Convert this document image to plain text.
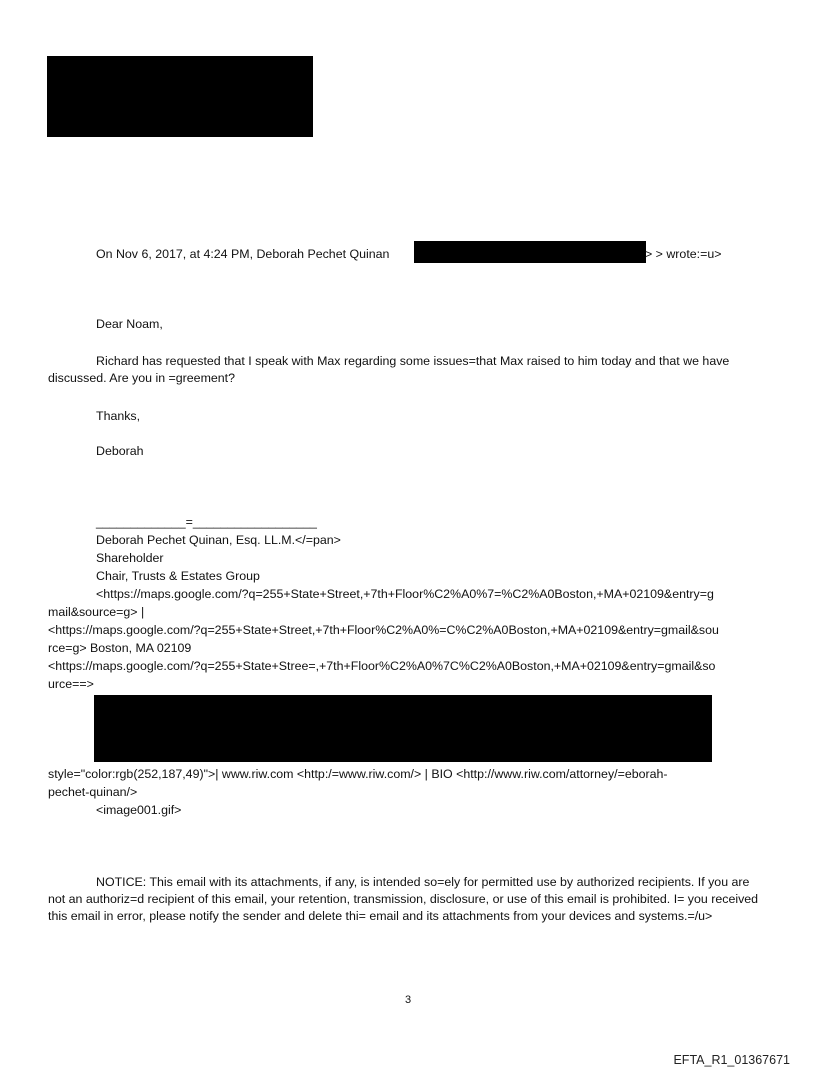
On Nov 6, 2017, at 4:24 PM, Deborah Pechet Quinan	> > wrote:=u>
Dear Noam,

Richard has requested that I speak with Max regarding some issues=that Max raised to him today and that we have discussed. Are you in =greement?

Thanks,
Deborah
_____________=__________________
Deborah Pechet Quinan, Esq. LL.M.</=pan>
Shareholder
Chair, Trusts & Estates Group
<https://maps.google.com/?q=255+State+Street,+7th+Floor%C2%A0%7=%C2%A0Boston,+MA+02109&entry=g
mail&source=g> |
<https://maps.google.com/?q=255+State+Street,+7th+Floor%C2%A0%=C%C2%A0Boston,+MA+02109&entry=gmail&sou
rce=g> Boston, MA 02109
<https://maps.google.com/?q=255+State+Stree=,+7th+Floor%C2%A0%7C%C2%A0Boston,+MA+02109&entry=gmail&so
urce==>
style="color:rgb(252,187,49)">| www.riw.com <http:/=www.riw.com/> | BIO <http://www.riw.com/attorney/=eborah-
pechet-quinan/>
<image001.gif>

NOTICE: This email with its attachments, if any, is intended so=ely for permitted use by authorized recipients. If you are not an authoriz=d recipient of this email, your retention, transmission, disclosure, or use of this email is prohibited. I= you received this email in error, please notify the sender and delete thi= email and its attachments from your devices and systems.=/u>

3
EFTA_R1_01367671
